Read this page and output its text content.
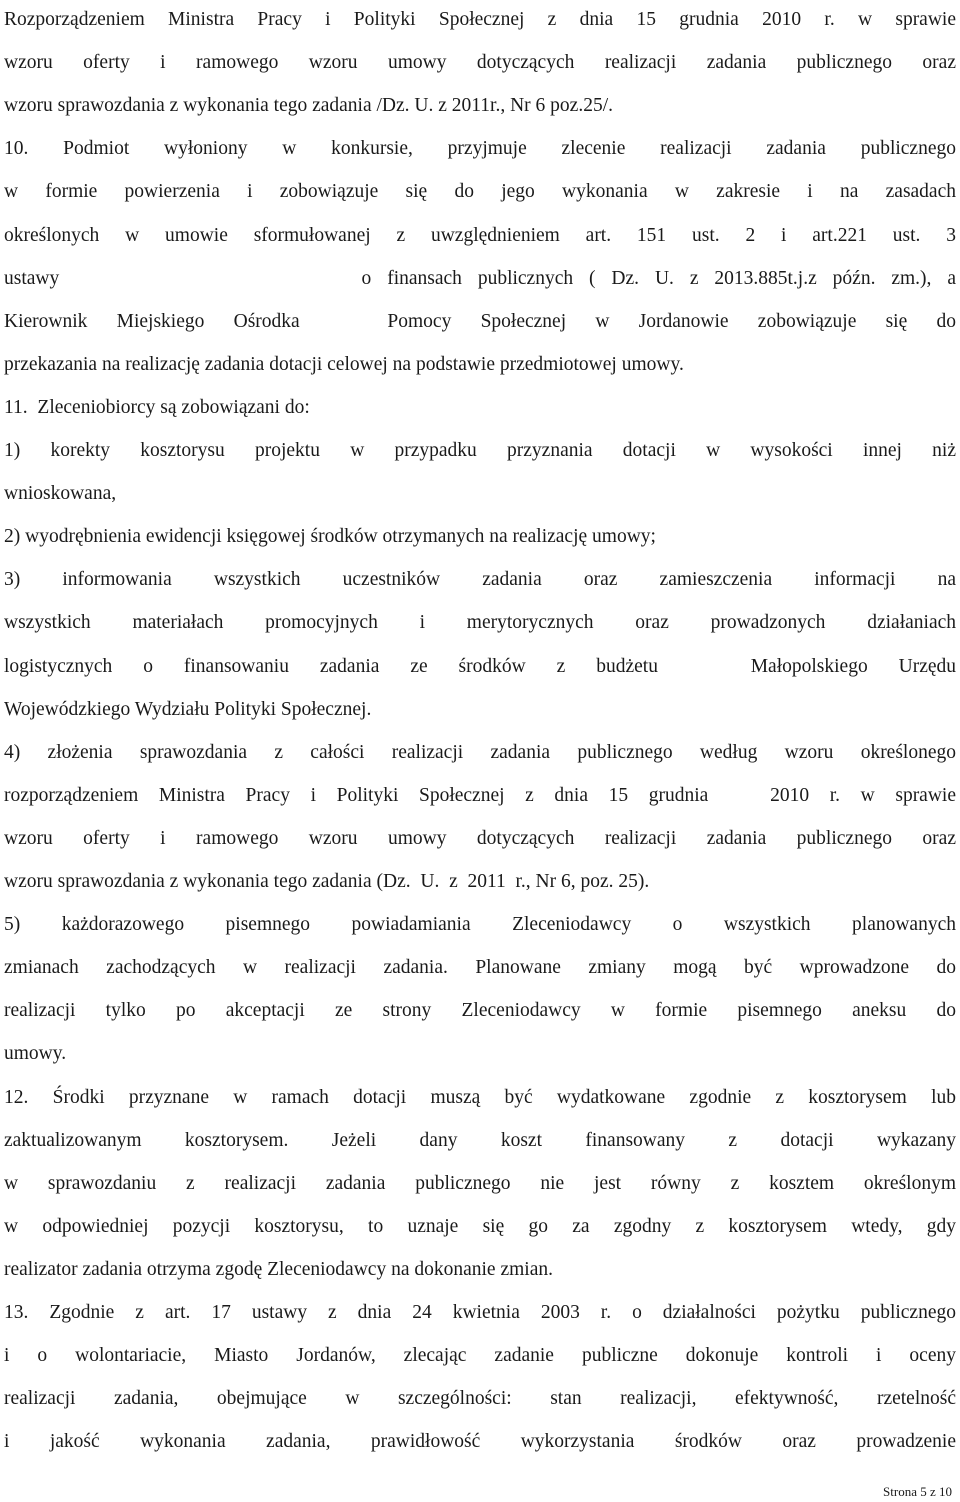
Rozporządzeniem Ministra Pracy i Polityki Społecznej z dnia 15 grudnia 2010 r. w sprawie
wzoru oferty i ramowego wzoru umowy dotyczących realizacji zadania publicznego oraz
wzoru sprawozdania z wykonania tego zadania /Dz. U. z 2011r., Nr 6 poz.25/.
10. Podmiot wyłoniony w konkursie, przyjmuje zlecenie realizacji zadania publicznego
w formie powierzenia i zobowiązuje się do jego wykonania w zakresie i na zasadach
określonych w umowie sformułowanej z uwzględnieniem art. 151 ust. 2 i art.221 ust. 3
ustawy                   o finansach publicznych ( Dz. U. z 2013.885t.j.z późn. zm.), a
Kierownik Miejskiego Ośrodka   Pomocy Społecznej w Jordanowie zobowiązuje się do
przekazania na realizację zadania dotacji celowej na podstawie przedmiotowej umowy.
11.  Zleceniobiorcy są zobowiązani do:
1) korekty kosztorysu projektu w przypadku przyznania dotacji w wysokości innej niż
wnioskowana,
2) wyodrębnienia ewidencji księgowej środków otrzymanych na realizację umowy;
3) informowania wszystkich uczestników zadania oraz zamieszczenia informacji na
wszystkich materiałach promocyjnych i merytorycznych oraz prowadzonych działaniach
logistycznych o finansowaniu zadania ze środków z budżetu   Małopolskiego Urzędu
Wojewódzkiego Wydziału Polityki Społecznej.
4) złożenia sprawozdania z całości realizacji zadania publicznego według wzoru określonego
rozporządzeniem Ministra Pracy i Polityki Społecznej z dnia 15 grudnia   2010 r. w sprawie
wzoru oferty i ramowego wzoru umowy dotyczących realizacji zadania publicznego oraz
wzoru sprawozdania z wykonania tego zadania (Dz.  U.  z  2011  r., Nr 6, poz. 25).
5) każdorazowego pisemnego powiadamiania Zleceniodawcy o wszystkich planowanych
zmianach zachodzących w realizacji zadania. Planowane zmiany mogą być wprowadzone do
realizacji tylko po akceptacji ze strony Zleceniodawcy w formie pisemnego aneksu do
umowy.
12. Środki przyznane w ramach dotacji muszą być wydatkowane zgodnie z kosztorysem lub
zaktualizowanym kosztorysem. Jeżeli dany koszt finansowany z dotacji wykazany
w sprawozdaniu z realizacji zadania publicznego nie jest równy z kosztem określonym
w odpowiedniej pozycji kosztorysu, to uznaje się go za zgodny z kosztorysem wtedy, gdy
realizator zadania otrzyma zgodę Zleceniodawcy na dokonanie zmian.
13. Zgodnie z art. 17 ustawy z dnia 24 kwietnia 2003 r. o działalności pożytku publicznego
i o wolontariacie, Miasto Jordanów, zlecając zadanie publiczne dokonuje kontroli i oceny
realizacji zadania, obejmujące w szczególności: stan realizacji, efektywność, rzetelność
i jakość wykonania zadania, prawidłowość wykorzystania środków oraz prowadzenie
Strona 5 z 10
